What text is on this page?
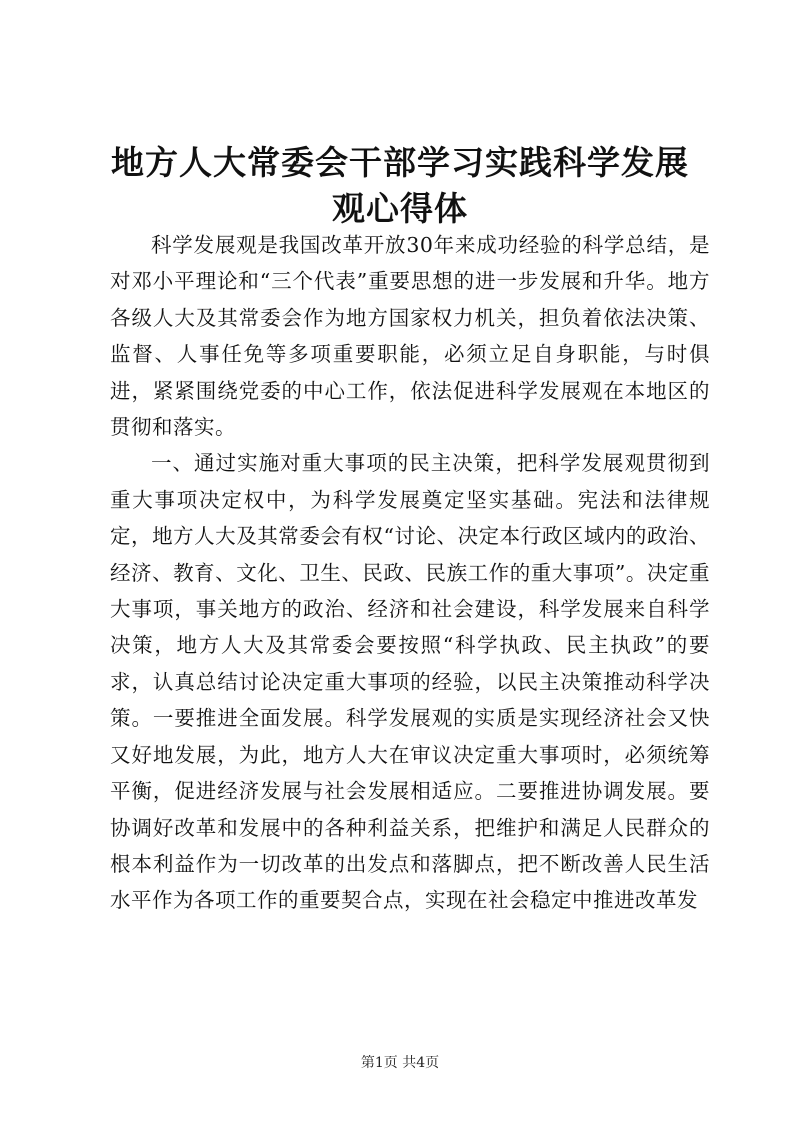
地方人大常委会干部学习实践科学发展观心得体

科学发展观是我国改革开放30年来成功经验的科学总结，是对邓小平理论和“三个代表”重要思想的进一步发展和升华。地方各级人大及其常委会作为地方国家权力机关，担负着依法决策、监督、人事任免等多项重要职能，必须立足自身职能，与时俱进，紧紧围绕党委的中心工作，依法促进科学发展观在本地区的贯彻和落实。

一、通过实施对重大事项的民主决策，把科学发展观贯彻到重大事项决定权中，为科学发展奠定坚实基础。宪法和法律规定，地方人大及其常委会有权“讨论、决定本行政区域内的政治、经济、教育、文化、卫生、民政、民族工作的重大事项”。决定重大事项，事关地方的政治、经济和社会建设，科学发展来自科学决策，地方人大及其常委会要按照“科学执政、民主执政”的要求，认真总结讨论决定重大事项的经验，以民主决策推动科学决策。一要推进全面发展。科学发展观的实质是实现经济社会又快又好地发展，为此，地方人大在审议决定重大事项时，必须统筹平衡，促进经济发展与社会发展相适应。二要推进协调发展。要协调好改革和发展中的各种利益关系，把维护和满足人民群众的根本利益作为一切改革的出发点和落脚点，把不断改善人民生活水平作为各项工作的重要契合点，实现在社会稳定中推进改革发

第1页 共4页
